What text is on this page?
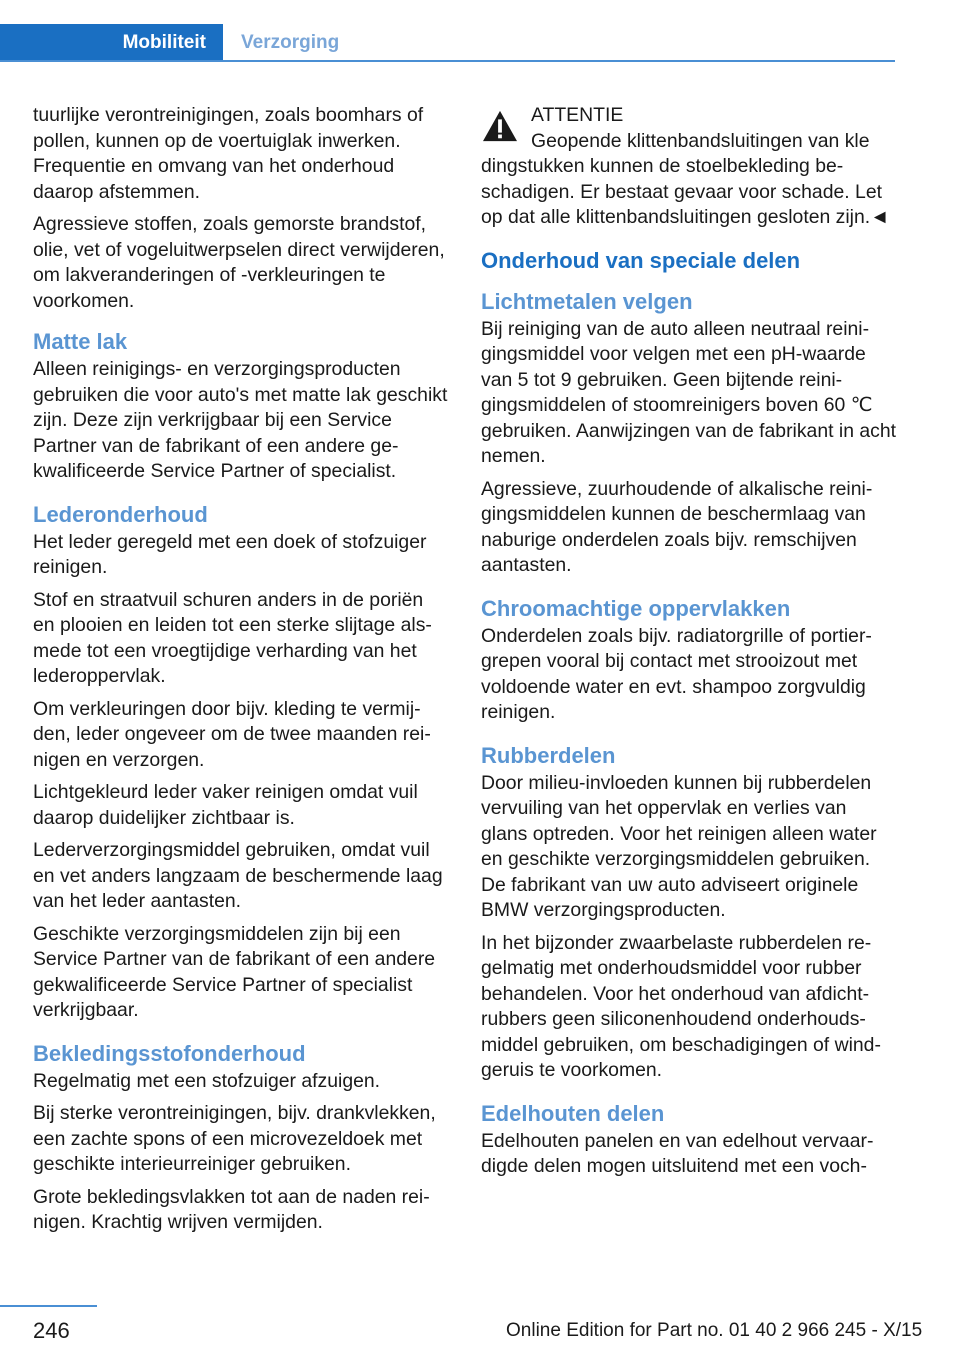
Mobiliteit	Verzorging

tuurlijke verontreinigingen, zoals boomhars of pollen, kunnen op de voertuiglak inwerken. Frequentie en omvang van het onderhoud daarop afstemmen.

Agressieve stoffen, zoals gemorste brandstof, olie, vet of vogeluitwerpselen direct verwijderen, om lakveranderingen of -verkleuringen te voorkomen.

Matte lak

Alleen reinigings- en verzorgingsproducten gebruiken die voor auto's met matte lak geschikt zijn. Deze zijn verkrijgbaar bij een Service Partner van de fabrikant of een andere gekwalificeerde Service Partner of specialist.

Lederonderhoud

Het leder geregeld met een doek of stofzuiger reinigen.

Stof en straatvuil schuren anders in de poriën en plooien en leiden tot een sterke slijtage alsmede tot een vroegtijdige verharding van het lederoppervlak.

Om verkleuringen door bijv. kleding te vermijden, leder ongeveer om de twee maanden reinigen en verzorgen.

Lichtgekleurd leder vaker reinigen omdat vuil daarop duidelijker zichtbaar is.

Lederverzorgingsmiddel gebruiken, omdat vuil en vet anders langzaam de beschermende laag van het leder aantasten.

Geschikte verzorgingsmiddelen zijn bij een Service Partner van de fabrikant of een andere gekwalificeerde Service Partner of specialist verkrijgbaar.

Bekledingsstofonderhoud

Regelmatig met een stofzuiger afzuigen.

Bij sterke verontreinigingen, bijv. drankvlekken, een zachte spons of een microvezeldoek met geschikte interieurreiniger gebruiken.

Grote bekledingsvlakken tot aan de naden reinigen. Krachtig wrijven vermijden.

ATTENTIE
Geopende klittenbandsluitingen van kle

dingstukken kunnen de stoelbekleding beschadigen. Er bestaat gevaar voor schade. Let op dat alle klittenbandsluitingen gesloten zijn.◄

Onderhoud van speciale delen
Lichtmetalen velgen

Bij reiniging van de auto alleen neutraal reinigingsmiddel voor velgen met een pH-waarde van 5 tot 9 gebruiken. Geen bijtende reinigingsmiddelen of stoomreinigers boven 60 ℃ gebruiken. Aanwijzingen van de fabrikant in acht nemen.

Agressieve, zuurhoudende of alkalische reinigingsmiddelen kunnen de beschermlaag van naburige onderdelen zoals bijv. remschijven aantasten.

Chroomachtige oppervlakken

Onderdelen zoals bijv. radiatorgrille of portiergrepen vooral bij contact met strooizout met voldoende water en evt. shampoo zorgvuldig reinigen.

Rubberdelen

Door milieu-invloeden kunnen bij rubberdelen vervuiling van het oppervlak en verlies van glans optreden. Voor het reinigen alleen water en geschikte verzorgingsmiddelen gebruiken. De fabrikant van uw auto adviseert originele BMW verzorgingsproducten.

In het bijzonder zwaarbelaste rubberdelen regelmatig met onderhoudsmiddel voor rubber behandelen. Voor het onderhoud van afdichtrubbers geen siliconenhoudend onderhoudsmiddel gebruiken, om beschadigingen of windgeruis te voorkomen.

Edelhouten delen

Edelhouten panelen en van edelhout vervaardigde delen mogen uitsluitend met een voch-

246	Online Edition for Part no. 01 40 2 966 245 - X/15
